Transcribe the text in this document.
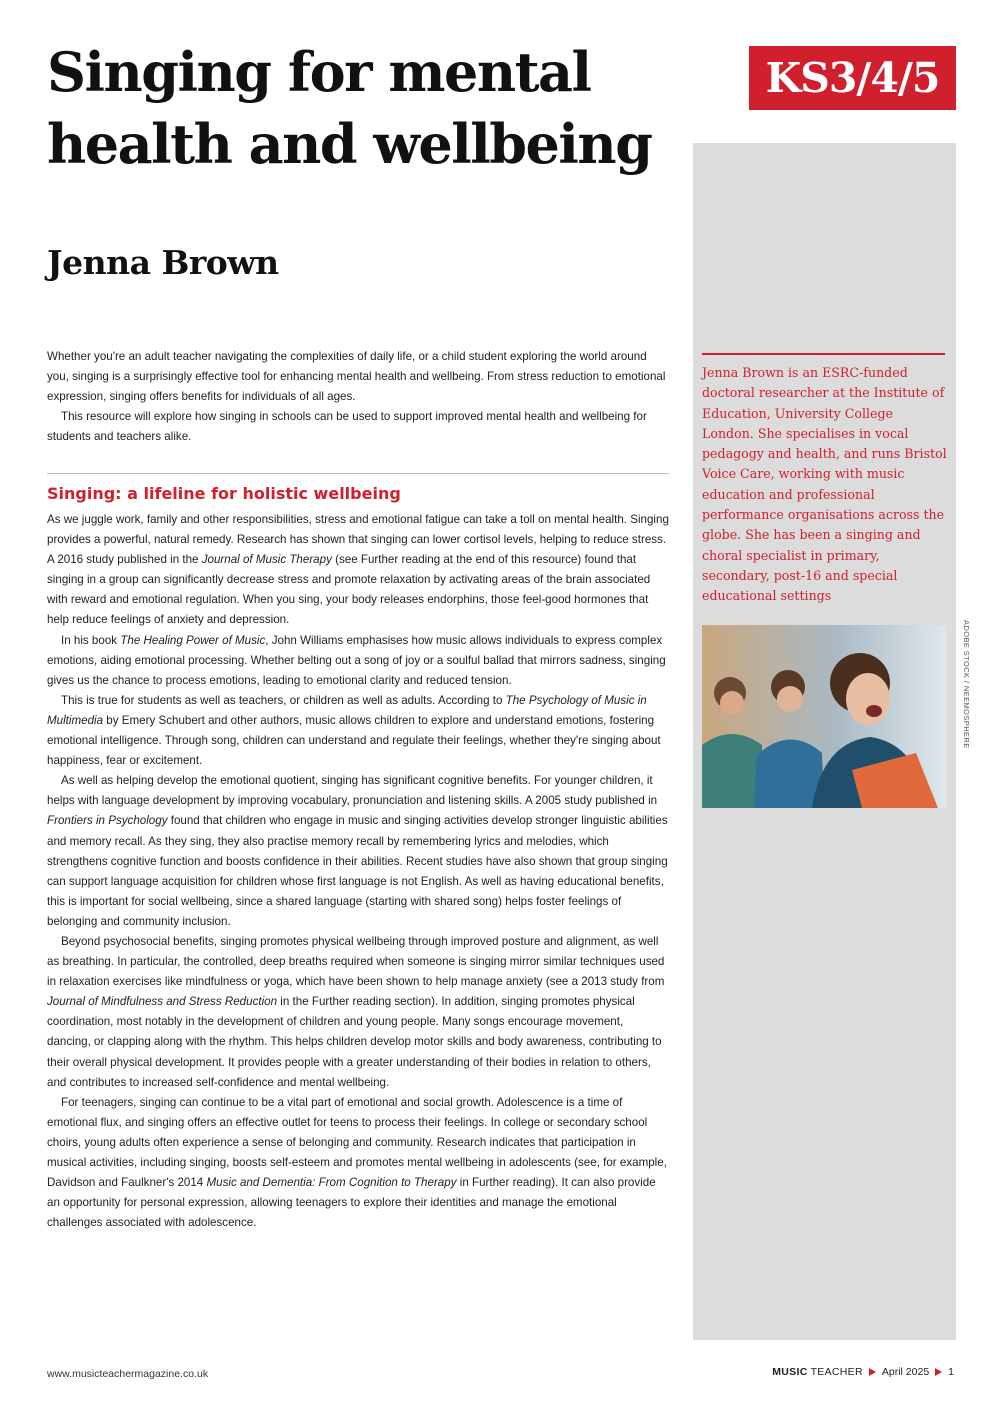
Singing for mental
health and wellbeing
Jenna Brown
KS3/4/5

Whether you're an adult teacher navigating the complexities of daily life, or a child student exploring the world around you, singing is a surprisingly effective tool for enhancing mental health and wellbeing. From stress reduction to emotional expression, singing offers benefits for individuals of all ages.

This resource will explore how singing in schools can be used to support improved mental health and wellbeing for students and teachers alike.

Singing: a lifeline for holistic wellbeing

As we juggle work, family and other responsibilities, stress and emotional fatigue can take a toll on mental health. Singing provides a powerful, natural remedy. Research has shown that singing can lower cortisol levels, helping to reduce stress. A 2016 study published in the Journal of Music Therapy (see Further reading at the end of this resource) found that singing in a group can significantly decrease stress and promote relaxation by activating areas of the brain associated with reward and emotional regulation. When you sing, your body releases endorphins, those feel-good hormones that help reduce feelings of anxiety and depression.

In his book The Healing Power of Music, John Williams emphasises how music allows individuals to express complex emotions, aiding emotional processing. Whether belting out a song of joy or a soulful ballad that mirrors sadness, singing gives us the chance to process emotions, leading to emotional clarity and reduced tension.

This is true for students as well as teachers, or children as well as adults. According to The Psychology of Music in Multimedia by Emery Schubert and other authors, music allows children to explore and understand emotions, fostering emotional intelligence. Through song, children can understand and regulate their feelings, whether they're singing about happiness, fear or excitement.

As well as helping develop the emotional quotient, singing has significant cognitive benefits. For younger children, it helps with language development by improving vocabulary, pronunciation and listening skills. A 2005 study published in Frontiers in Psychology found that children who engage in music and singing activities develop stronger linguistic abilities and memory recall. As they sing, they also practise memory recall by remembering lyrics and melodies, which strengthens cognitive function and boosts confidence in their abilities. Recent studies have also shown that group singing can support language acquisition for children whose first language is not English. As well as having educational benefits, this is important for social wellbeing, since a shared language (starting with shared song) helps foster feelings of belonging and community inclusion.

Beyond psychosocial benefits, singing promotes physical wellbeing through improved posture and alignment, as well as breathing. In particular, the controlled, deep breaths required when someone is singing mirror similar techniques used in relaxation exercises like mindfulness or yoga, which have been shown to help manage anxiety (see a 2013 study from Journal of Mindfulness and Stress Reduction in the Further reading section). In addition, singing promotes physical coordination, most notably in the development of children and young people. Many songs encourage movement, dancing, or clapping along with the rhythm. This helps children develop motor skills and body awareness, contributing to their overall physical development. It provides people with a greater understanding of their bodies in relation to others, and contributes to increased self-confidence and mental wellbeing.

For teenagers, singing can continue to be a vital part of emotional and social growth. Adolescence is a time of emotional flux, and singing offers an effective outlet for teens to process their feelings. In college or secondary school choirs, young adults often experience a sense of belonging and community. Research indicates that participation in musical activities, including singing, boosts self-esteem and promotes mental wellbeing in adolescents (see, for example, Davidson and Faulkner's 2014 Music and Dementia: From Cognition to Therapy in Further reading). It can also provide an opportunity for personal expression, allowing teenagers to explore their identities and manage the emotional challenges associated with adolescence.

Jenna Brown is an ESRC-funded doctoral researcher at the Institute of Education, University College London. She specialises in vocal pedagogy and health, and runs Bristol Voice Care, working with music education and professional performance organisations across the globe. She has been a singing and choral specialist in primary, secondary, post-16 and special educational settings

ADOBE STOCK / NEEMOSPHERE
www.musicteachermagazine.co.uk	MUSIC TEACHER April 2025 1
